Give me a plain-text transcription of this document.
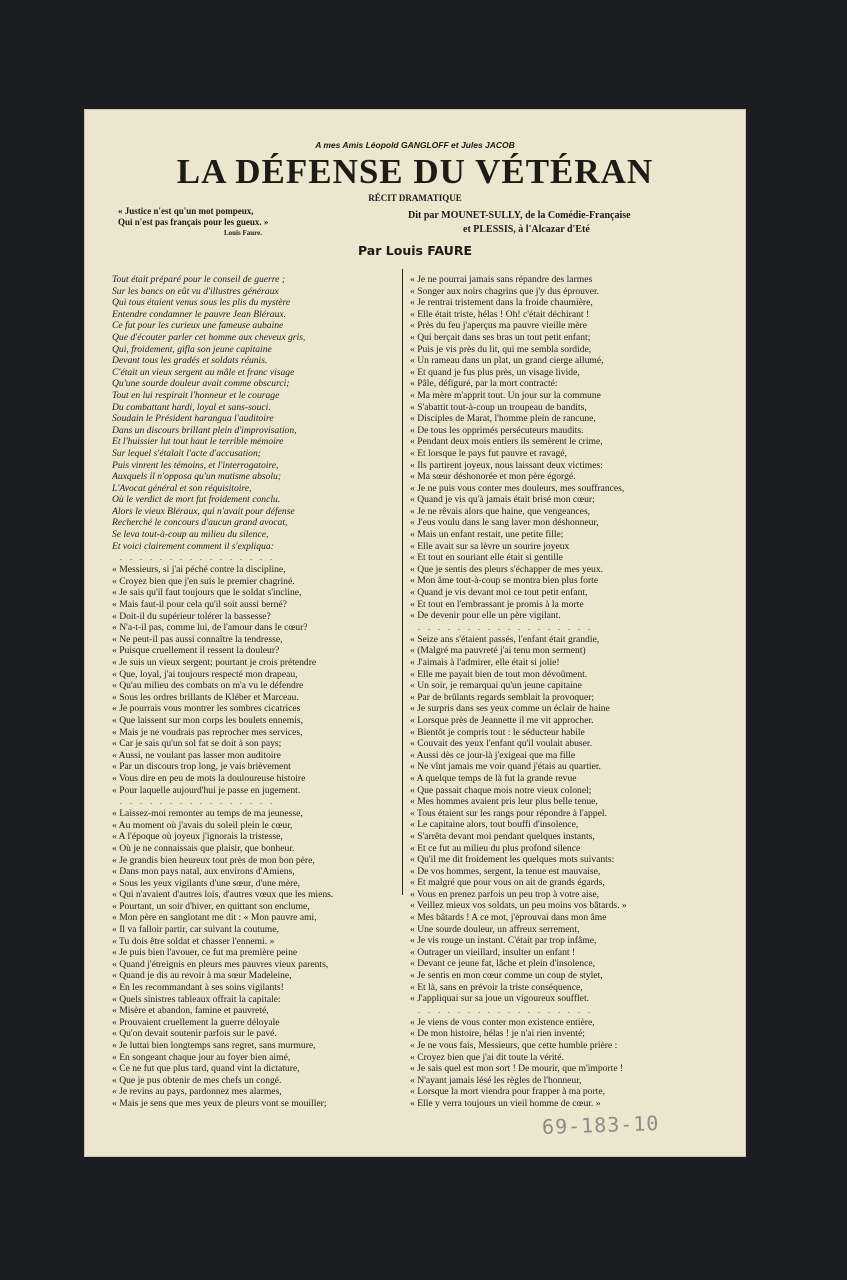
A mes Amis Léopold GANGLOFF et Jules JACOB
LA DÉFENSE DU VÉTÉRAN
RÉCIT DRAMATIQUE
« Justice n'est qu'un mot pompeux,
Qui n'est pas français pour les gueux. »
Louis Faure.
Dit par MOUNET-SULLY, de la Comédie-Française
et PLESSIS, à l'Alcazar d'Eté
Par Louis FAURE
Tout était préparé pour le conseil de guerre ;
Sur les bancs on eût vu d'illustres généraux
Qui tous étaient venus sous les plis du mystère
Entendre condamner le pauvre Jean Bléraux.
Ce fut pour les curieux une fameuse aubaine
Que d'écouter parler cet homme aux cheveux gris,
Qui, froidement, gifla son jeune capitaine
Devant tous les gradés et soldats réunis.
C'était un vieux sergent au mâle et franc visage
Qu'une sourde douleur avait comme obscurci;
Tout en lui respirait l'honneur et le courage
Du combattant hardi, loyal et sans-souci.
Soudain le Président harangua l'auditoire
Dans un discours brillant plein d'improvisation,
Et l'huissier lut tout haut le terrible mémoire
Sur lequel s'étalait l'acte d'accusation;
Puis vinrent les témoins, et l'interrogatoire,
Auxquels il n'opposa qu'un mutisme absolu;
L'Avocat général et son réquisitoire,
Où le verdict de mort fut froidement conclu.
Alors le vieux Bléraux, qui n'avait pour défense
Recherché le concours d'aucun grand avocat,
Se leva tout-à-coup au milieu du silence,
Et voici clairement comment il s'expliqua:
. . . . . . . . . . . . . . . .
« Messieurs, si j'ai péché contre la discipline,
« Croyez bien que j'en suis le premier chagriné.
« Je sais qu'il faut toujours que le soldat s'incline,
« Mais faut-il pour cela qu'il soit aussi berné?
« Doit-il du supérieur tolérer la bassesse?
« N'a-t-il pas, comme lui, de l'amour dans le cœur?
« Ne peut-il pas aussi connaître la tendresse,
« Puisque cruellement il ressent la douleur?
« Je suis un vieux sergent; pourtant je crois prétendre
« Que, loyal, j'ai toujours respecté mon drapeau,
« Qu'au milieu des combats on m'a vu le défendre
« Sous les ordres brillants de Kléber et Marceau.
« Je pourrais vous montrer les sombres cicatrices
« Que laissent sur mon corps les boulets ennemis,
« Mais je ne voudrais pas reprocher mes services,
« Car je sais qu'un sol fat se doit à son pays;
« Aussi, ne voulant pas lasser mon auditoire
« Par un discours trop long, je vais brièvement
« Vous dire en peu de mots la douloureuse histoire
« Pour laquelle aujourd'hui je passe en jugement.
. . . . . . . . . . . . . . . .
« Laissez-moi remonter au temps de ma jeunesse,
« Au moment où j'avais du soleil plein le cœur,
« A l'époque où joyeux j'ignorais la tristesse,
« Où je ne connaissais que plaisir, que bonheur.
« Je grandis bien heureux tout près de mon bon père,
« Dans mon pays natal, aux environs d'Amiens,
« Sous les yeux vigilants d'une sœur, d'une mère,
« Qui n'avaient d'autres lois, d'autres vœux que les miens.
« Pourtant, un soir d'hiver, en quittant son enclume,
« Mon père en sanglotant me dit : « Mon pauvre ami,
« Il va falloir partir, car suivant la coutume,
« Tu dois être soldat et chasser l'ennemi. »
« Je puis bien l'avouer, ce fut ma première peine
« Quand j'étreignis en pleurs mes pauvres vieux parents,
« Quand je dis au revoir à ma sœur Madeleine,
« En les recommandant à ses soins vigilants!
« Quels sinistres tableaux offrait la capitale:
« Misère et abandon, famine et pauvreté,
« Prouvaient cruellement la guerre déloyale
« Qu'on devait soutenir parfois sur le pavé.
« Je luttai bien longtemps sans regret, sans murmure,
« En songeant chaque jour au foyer bien aimé,
« Ce ne fut que plus tard, quand vint la dictature,
« Que je pus obtenir de mes chefs un congé.
« Je revins au pays, pardonnez mes alarmes,
« Mais je sens que mes yeux de pleurs vont se mouiller;
« Je ne pourrai jamais sans répandre des larmes
« Songer aux noirs chagrins que j'y dus éprouver.
« Je rentrai tristement dans la froide chaumière,
« Elle était triste, hélas ! Oh! c'était déchirant !
« Près du feu j'aperçus ma pauvre vieille mère
« Qui berçait dans ses bras un tout petit enfant;
« Puis je vis près du lit, qui me sembla sordide,
« Un rameau dans un plat, un grand cierge allumé,
« Et quand je fus plus près, un visage livide,
« Pâle, défiguré, par la mort contracté:
« Ma mère m'apprit tout. Un jour sur la commune
« S'abattit tout-à-coup un troupeau de bandits,
« Disciples de Marat, l'homme plein de rancune,
« De tous les opprimés persécuteurs maudits.
« Pendant deux mois entiers ils semèrent le crime,
« Et lorsque le pays fut pauvre et ravagé,
« Ils partirent joyeux, nous laissant deux victimes:
« Ma sœur déshonorée et mon père égorgé.
« Je ne puis vous conter mes douleurs, mes souffrances,
« Quand je vis qu'à jamais était brisé mon cœur;
« Je ne rêvais alors que haine, que vengeances,
« J'eus voulu dans le sang laver mon déshonneur,
« Mais un enfant restait, une petite fille;
« Elle avait sur sa lèvre un sourire joyeux
« Et tout en souriant elle était si gentille
« Que je sentis des pleurs s'échapper de mes yeux.
« Mon âme tout-à-coup se montra bien plus forte
« Quand je vis devant moi ce tout petit enfant,
« Et tout en l'embrassant je promis à la morte
« De devenir pour elle un père vigilant.
. . . . . . . . . . . . . . . . . .
« Seize ans s'étaient passés, l'enfant était grandie,
« (Malgré ma pauvreté j'ai tenu mon serment)
« J'aimais à l'admirer, elle était si jolie!
« Elle me payait bien de tout mon dévoûment.
« Un soir, je remarquai qu'un jeune capitaine
« Par de brûlants regards semblait la provoquer;
« Je surpris dans ses yeux comme un éclair de haine
« Lorsque près de Jeannette il me vit approcher.
« Bientôt je compris tout : le séducteur habile
« Couvait des yeux l'enfant qu'il voulait abuser.
« Aussi dès ce jour-là j'exigeai que ma fille
« Ne vînt jamais me voir quand j'étais au quartier.
« A quelque temps de là fut la grande revue
« Que passait chaque mois notre vieux colonel;
« Mes hommes avaient pris leur plus belle tenue,
« Tous étaient sur les rangs pour répondre à l'appel.
« Le capitaine alors, tout bouffi d'insolence,
« S'arrêta devant moi pendant quelques instants,
« Et ce fut au milieu du plus profond silence
« Qu'il me dit froidement les quelques mots suivants:
« De vos hommes, sergent, la tenue est mauvaise,
« Et malgré que pour vous on ait de grands égards,
« Vous en prenez parfois un peu trop à votre aise,
« Veillez mieux vos soldats, un peu moins vos bâtards. »
« Mes bâtards ! A ce mot, j'éprouvai dans mon âme
« Une sourde douleur, un affreux serrement,
« Je vis rouge un instant. C'était par trop infâme,
« Outrager un vieillard, insulter un enfant !
« Devant ce jeune fat, lâche et plein d'insolence,
« Je sentis en mon cœur comme un coup de stylet,
« Et là, sans en prévoir la triste conséquence,
« J'appliquai sur sa joue un vigoureux soufflet.
. . . . . . . . . . . . . . . . . .
« Je viens de vous conter mon existence entière,
« De mon histoire, hélas ! je n'ai rien inventé;
« Je ne vous fais, Messieurs, que cette humble prière :
« Croyez bien que j'ai dit toute la vérité.
« Je sais quel est mon sort ! De mourir, que m'importe !
« N'ayant jamais lésé les règles de l'honneur,
« Lorsque la mort viendra pour frapper à ma porte,
« Elle y verra toujours un vieil homme de cœur. »
69-183-10
